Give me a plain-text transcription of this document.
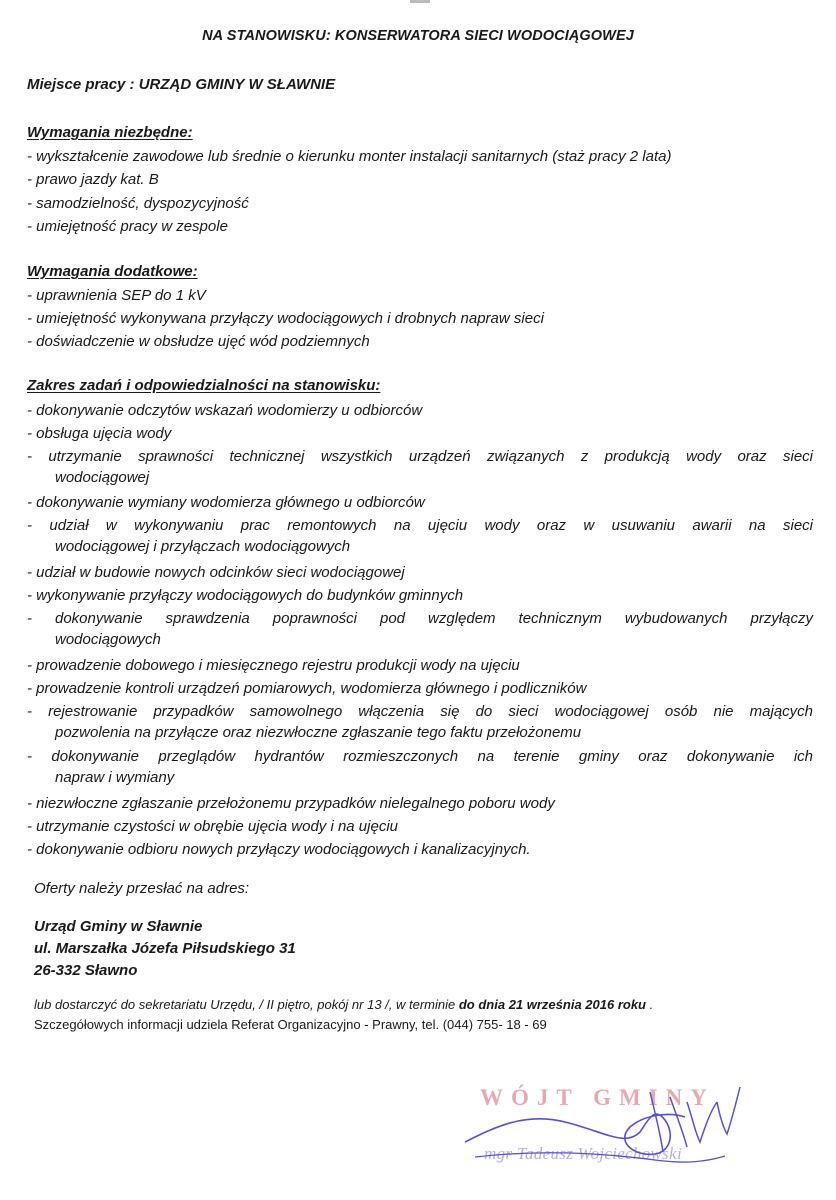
NA STANOWISKU: KONSERWATORA SIECI WODOCIĄGOWEJ
Miejsce pracy : URZĄD GMINY W SŁAWNIE
Wymagania niezbędne:
- wykształcenie zawodowe lub średnie o kierunku monter instalacji sanitarnych (staż pracy 2 lata)
- prawo jazdy kat. B
- samodzielność, dyspozycyjność
- umiejętność pracy w zespole
Wymagania dodatkowe:
- uprawnienia SEP do 1 kV
- umiejętność wykonywana przyłączy wodociągowych i drobnych napraw sieci
- doświadczenie w obsłudze ujęć wód podziemnych
Zakres zadań i odpowiedzialności na stanowisku:
- dokonywanie odczytów wskazań wodomierzy u odbiorców
- obsługa ujęcia wody
- utrzymanie sprawności technicznej wszystkich urządzeń związanych z produkcją wody oraz sieci
wodociągowej
- dokonywanie wymiany wodomierza głównego u odbiorców
- udział w wykonywaniu prac remontowych na ujęciu wody oraz w usuwaniu awarii na sieci
wodociągowej i przyłączach wodociągowych
- udział w budowie nowych odcinków sieci wodociągowej
- wykonywanie przyłączy wodociągowych do budynków gminnych
- dokonywanie sprawdzenia poprawności pod względem technicznym wybudowanych przyłączy
wodociągowych
- prowadzenie dobowego i miesięcznego rejestru produkcji wody na ujęciu
- prowadzenie kontroli urządzeń pomiarowych, wodomierza głównego i podliczników
- rejestrowanie przypadków samowolnego włączenia się do sieci wodociągowej osób nie mających
pozwolenia na przyłącze oraz niezwłoczne zgłaszanie tego faktu przełożonemu
- dokonywanie przeglądów hydrantów rozmieszczonych na terenie gminy oraz dokonywanie ich
napraw i wymiany
- niezwłoczne zgłaszanie przełożonemu przypadków nielegalnego poboru wody
- utrzymanie czystości w obrębie ujęcia wody i na ujęciu
- dokonywanie odbioru nowych przyłączy wodociągowych i kanalizacyjnych.
Oferty należy przesłać na adres:
Urząd Gminy w Sławnie
ul. Marszałka Józefa Piłsudskiego 31
26-332 Sławno
lub dostarczyć do sekretariatu Urzędu, / II piętro, pokój nr 13 /, w terminie do dnia 21 września 2016 roku .
Szczegółowych informacji udziela Referat Organizacyjno - Prawny, tel. (044) 755- 18 - 69
WÓJT GMINY
mgr Tadeusz Wojciechowski
